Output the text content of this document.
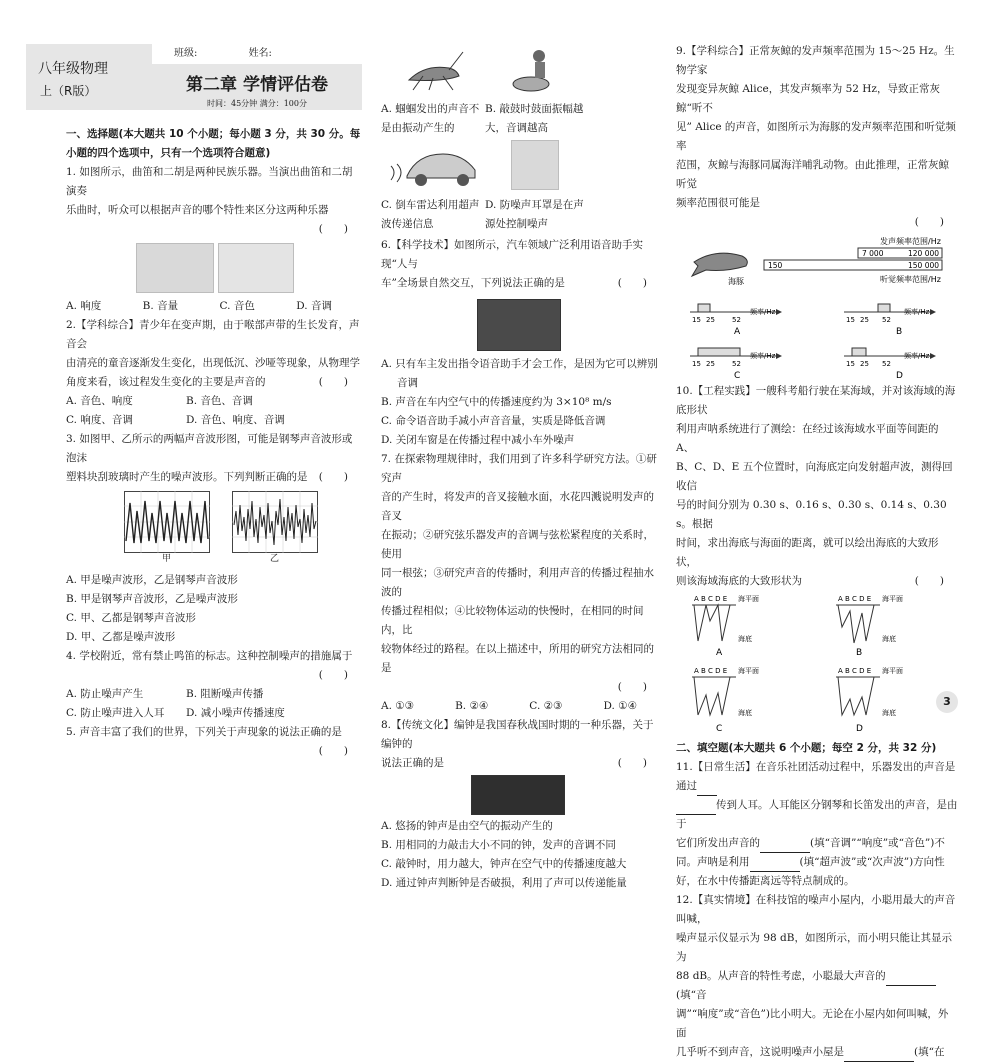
八年级物理
上（R版）
班级:	姓名:
第二章 学情评估卷
时间：45分钟 满分：100分

一、选择题(本大题共 10 个小题；每小题 3 分，共 30 分。每

小题的四个选项中，只有一个选项符合题意)

1. 如图所示，曲笛和二胡是两种民族乐器。当演出曲笛和二胡演奏

乐曲时，听众可以根据声音的哪个特性来区分这两种乐器

(　　)

A. 响度	B. 音量	C. 音色	D. 音调

2.【学科综合】青少年在变声期，由于喉部声带的生长发育，声音会

由清亮的童音逐渐发生变化，出现低沉、沙哑等现象，从物理学

角度来看，该过程发生变化的主要是声音的	(　　)
A. 音色、响度	B. 音色、音调
C. 响度、音调	D. 音色、响度、音调

3. 如图甲、乙所示的两幅声音波形图，可能是钢琴声音波形或泡沫

塑料块刮玻璃时产生的噪声波形。下列判断正确的是 (　　)
甲	乙

A. 甲是噪声波形，乙是钢琴声音波形

B. 甲是钢琴声音波形，乙是噪声波形

C. 甲、乙都是钢琴声音波形

D. 甲、乙都是噪声波形

4. 学校附近，常有禁止鸣笛的标志。这种控制噪声的措施属于

(　　)

A. 防止噪声产生	B. 阻断噪声传播
C. 防止噪声进入人耳	D. 减小噪声传播速度

5. 声音丰富了我们的世界，下列关于声现象的说法正确的是

(　　)

A. 蝈蝈发出的声音不
是由振动产生的
B. 敲鼓时鼓面振幅越
大，音调越高
C. 倒车雷达利用超声
波传递信息
D. 防噪声耳罩是在声
源处控制噪声

6.【科学技术】如图所示，汽车领域广泛利用语音助手实现“人与

车”全场景自然交互，下列说法正确的是	(　　)

A. 只有车主发出指令语音助手才会工作，是因为它可以辨别

音调

B. 声音在车内空气中的传播速度约为 3×10⁸ m/s

C. 命令语音助手减小声音音量，实质是降低音调

D. 关闭车窗是在传播过程中减小车外噪声

7. 在探索物理规律时，我们用到了许多科学研究方法。①研究声

音的产生时，将发声的音叉接触水面，水花四溅说明发声的音叉

在振动；②研究弦乐器发声的音调与弦松紧程度的关系时，使用

同一根弦；③研究声音的传播时，利用声音的传播过程抽水波的

传播过程相似；④比较物体运动的快慢时，在相同的时间内，比

较物体经过的路程。在以上描述中，所用的研究方法相同的是

(　　)

A. ①③	B. ②④	C. ②③	D. ①④

8.【传统文化】编钟是我国春秋战国时期的一种乐器，关于编钟的

说法正确的是	(　　)

A. 悠扬的钟声是由空气的振动产生的

B. 用相同的力敲击大小不同的钟，发声的音调不同

C. 敲钟时，用力越大，钟声在空气中的传播速度越大

D. 通过钟声判断钟是否破损，利用了声可以传递能量

9.【学科综合】正常灰鲸的发声频率范围为 15～25 Hz。生物学家

发现变异灰鲸 Alice，其发声频率为 52 Hz，导致正常灰鲸“听不

见” Alice 的声音，如图所示为海豚的发声频率范围和听觉频率

范围，灰鲸与海豚同属海洋哺乳动物。由此推理，正常灰鲸听觉

频率范围很可能是

(　　)

发声频率范围/Hz
海豚
7 000	120 000
150	150 000
听觉频率范围/Hz
15 25 52
频率/Hz
A
15 25 52
频率/Hz
B
15 25 52
频率/Hz
C
15 25 52
频率/Hz
D

10.【工程实践】一艘科考船行驶在某海域，并对该海域的海底形状

利用声呐系统进行了测绘：在经过该海域水平面等间距的 A、

B、C、D、E 五个位置时，向海底定向发射超声波，测得回收信

号的时间分别为 0.30 s、0.16 s、0.30 s、0.14 s、0.30 s。根据

时间，求出海底与海面的距离，就可以绘出海底的大致形状，

则该海域海底的大致形状为	(　　)
A B C D E 海平面
海底
A
A B C D E 海平面
海底
B
A B C D E 海平面
海底
C
A B C D E 海平面
海底
D

二、填空题(本大题共 6 个小题；每空 2 分，共 32 分)

11.【日常生活】在音乐社团活动过程中，乐器发出的声音是通过

传到人耳。人耳能区分钢琴和长笛发出的声音，是由于

它们所发出声音的	(填“音调”“响度”或“音色”)不

同。声呐是利用	(填“超声波”或“次声波”)方向性

好，在水中传播距离远等特点制成的。

12.【真实情境】在科技馆的噪声小屋内，小聪用最大的声音叫喊，

噪声显示仪显示为 98 dB，如图所示，而小明只能让其显示为

88 dB。从声音的特性考虑，小聪最大声音的(填“音

调”“响度”或“音色”)比小明大。无论在小屋内如何叫喊，外面

几乎听不到声音，这说明噪声小屋是	(填“在

3
